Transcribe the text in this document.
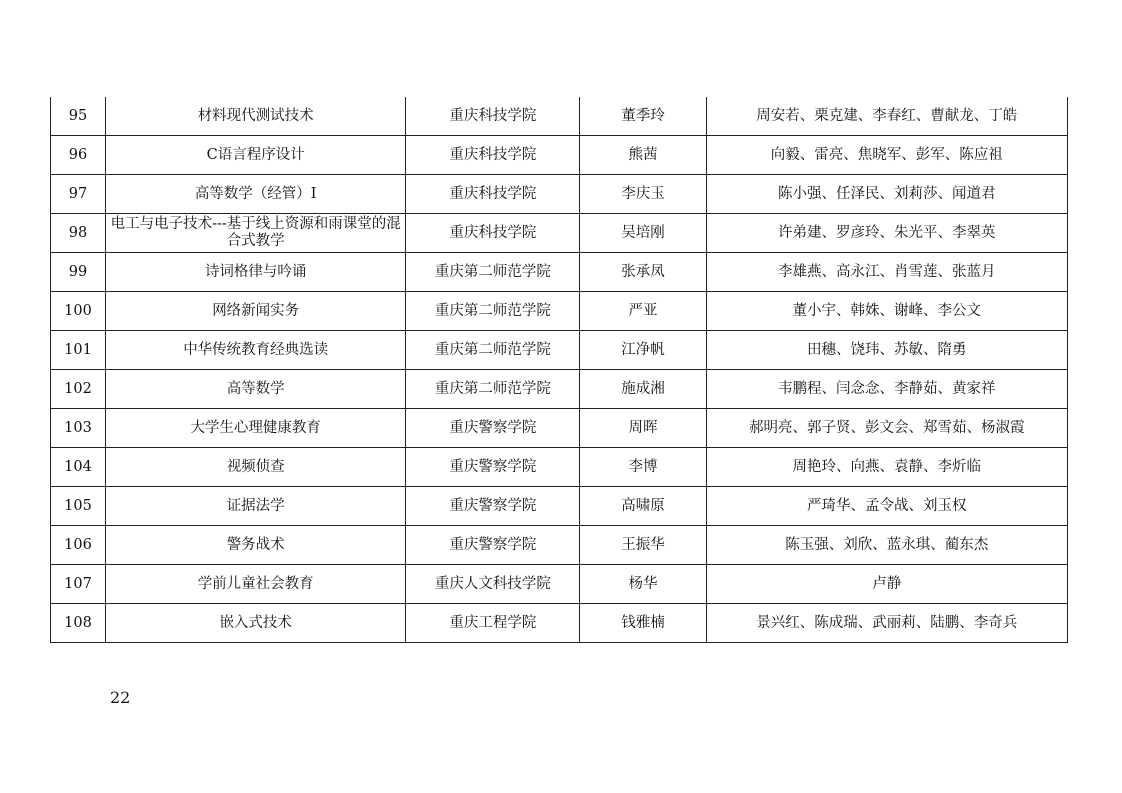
95	材料现代测试技术	重庆科技学院	董季玲	周安若、栗克建、李春红、曹献龙、丁皓
96	C语言程序设计	重庆科技学院	熊茜	向毅、雷亮、焦晓军、彭军、陈应祖
97	高等数学（经管）I	重庆科技学院	李庆玉	陈小强、任泽民、刘莉莎、闻道君
98	电工与电子技术---基于线上资源和雨课堂的混合式教学	重庆科技学院	吴培刚	许弟建、罗彦玲、朱光平、李翠英
99	诗词格律与吟诵	重庆第二师范学院	张承凤	李雄燕、高永江、肖雪莲、张蓝月
100	网络新闻实务	重庆第二师范学院	严亚	董小宇、韩姝、谢峰、李公文
101	中华传统教育经典选读	重庆第二师范学院	江净帆	田穗、饶玮、苏敏、隋勇
102	高等数学	重庆第二师范学院	施成湘	韦鹏程、闫念念、李静茹、黄家祥
103	大学生心理健康教育	重庆警察学院	周晖	郝明亮、郭子贤、彭文会、郑雪茹、杨淑霞
104	视频侦查	重庆警察学院	李博	周艳玲、向燕、袁静、李炘临
105	证据法学	重庆警察学院	高啸原	严琦华、孟令战、刘玉权
106	警务战术	重庆警察学院	王振华	陈玉强、刘欣、蓝永琪、蔺东杰
107	学前儿童社会教育	重庆人文科技学院	杨华	卢静
108	嵌入式技术	重庆工程学院	钱雅楠	景兴红、陈成瑞、武丽莉、陆鹏、李奇兵
22
